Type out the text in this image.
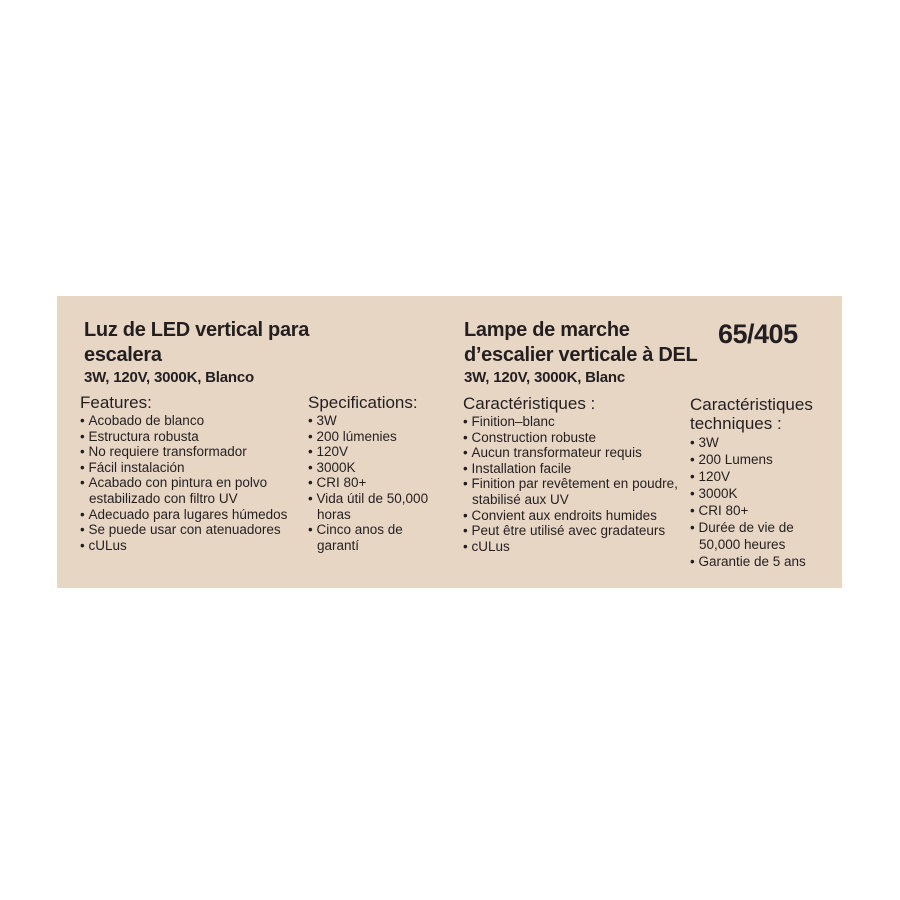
Luz de LED vertical para escalera

3W, 120V, 3000K, Blanco

Features:
• Acobado de blanco
• Estructura robusta
• No requiere transformador
• Fácil instalación
• Acabado con pintura en polvo estabilizado con filtro UV
• Adecuado para lugares húmedos
• Se puede usar con atenuadores
• cULus
Specifications:
• 3W
• 200 lúmenies
• 120V
• 3000K
• CRI 80+
• Vida útil de 50,000 horas
• Cinco anos de garantí
Lampe de marche d’escalier verticale à DEL

3W, 120V, 3000K, Blanc

65/405
Caractéristiques :
• Finition–blanc
• Construction robuste
• Aucun transformateur requis
• Installation facile
• Finition par revêtement en poudre, stabilisé aux UV
• Convient aux endroits humides
• Peut être utilisé avec gradateurs
• cULus
Caractéristiques techniques :
• 3W
• 200 Lumens
• 120V
• 3000K
• CRI 80+
• Durée de vie de 50,000 heures
• Garantie de 5 ans
